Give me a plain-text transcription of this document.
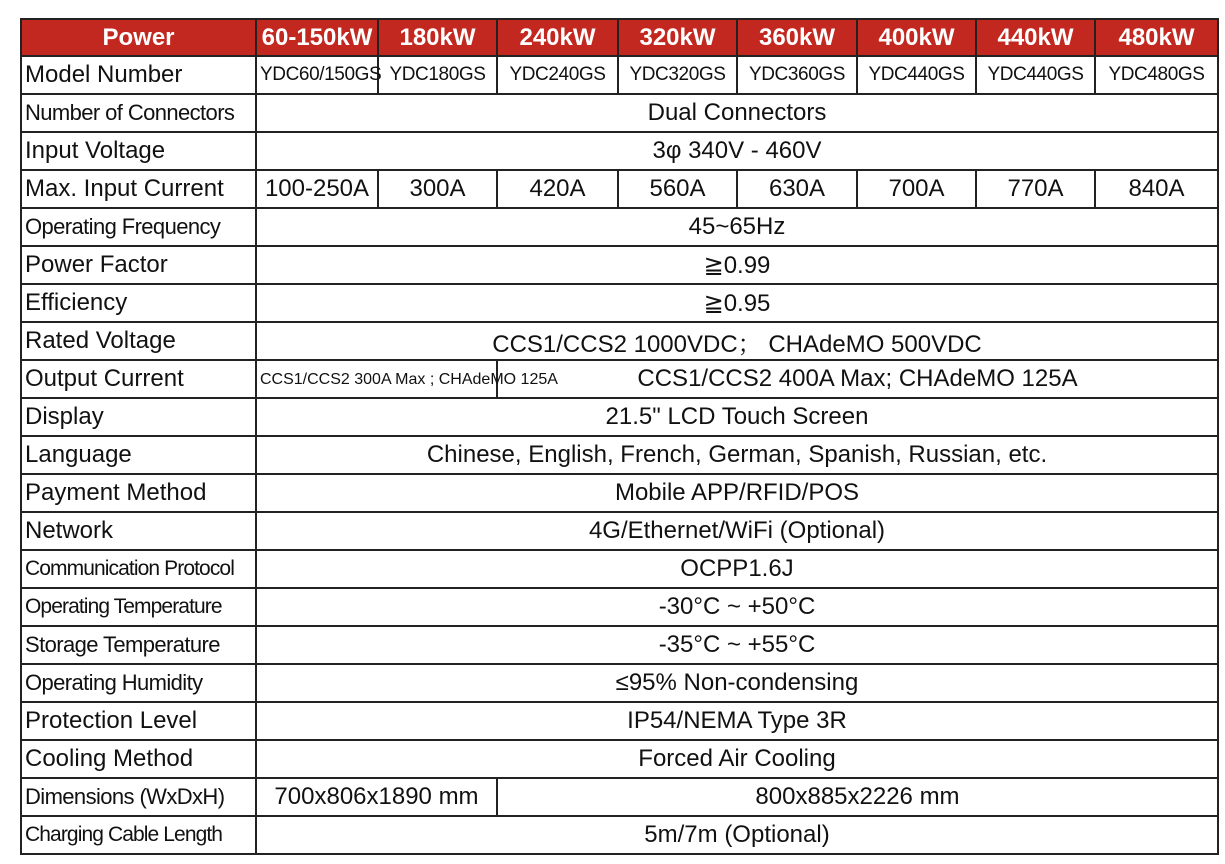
Power	60-150kW	180kW	240kW	320kW	360kW	400kW	440kW	480kW
Model Number	YDC60/150GS	YDC180GS	YDC240GS	YDC320GS	YDC360GS	YDC440GS	YDC440GS	YDC480GS
Number of Connectors	Dual Connectors							
Input Voltage	3φ 340V - 460V							
Max. Input Current	100-250A	300A	420A	560A	630A	700A	770A	840A
Operating Frequency	45~65Hz							
Power Factor	≧0.99							
Efficiency	≧0.95							
Rated Voltage	CCS1/CCS2 1000VDC； CHAdeMO 500VDC							
Output Current	CCS1/CCS2 300A Max ; CHAdeMO 125A		CCS1/CCS2 400A Max; CHAdeMO 125A					
Display	21.5" LCD Touch Screen							
Language	Chinese, English, French, German, Spanish, Russian, etc.							
Payment Method	Mobile APP/RFID/POS							
Network	4G/Ethernet/WiFi (Optional)							
Communication Protocol	OCPP1.6J							
Operating Temperature	-30°C ~ +50°C							
Storage Temperature	-35°C ~ +55°C							
Operating Humidity	≤95% Non-condensing							
Protection Level	IP54/NEMA Type 3R							
Cooling Method	Forced Air Cooling							
Dimensions (WxDxH)	700x806x1890 mm		800x885x2226 mm					
Charging Cable Length	5m/7m (Optional)							
